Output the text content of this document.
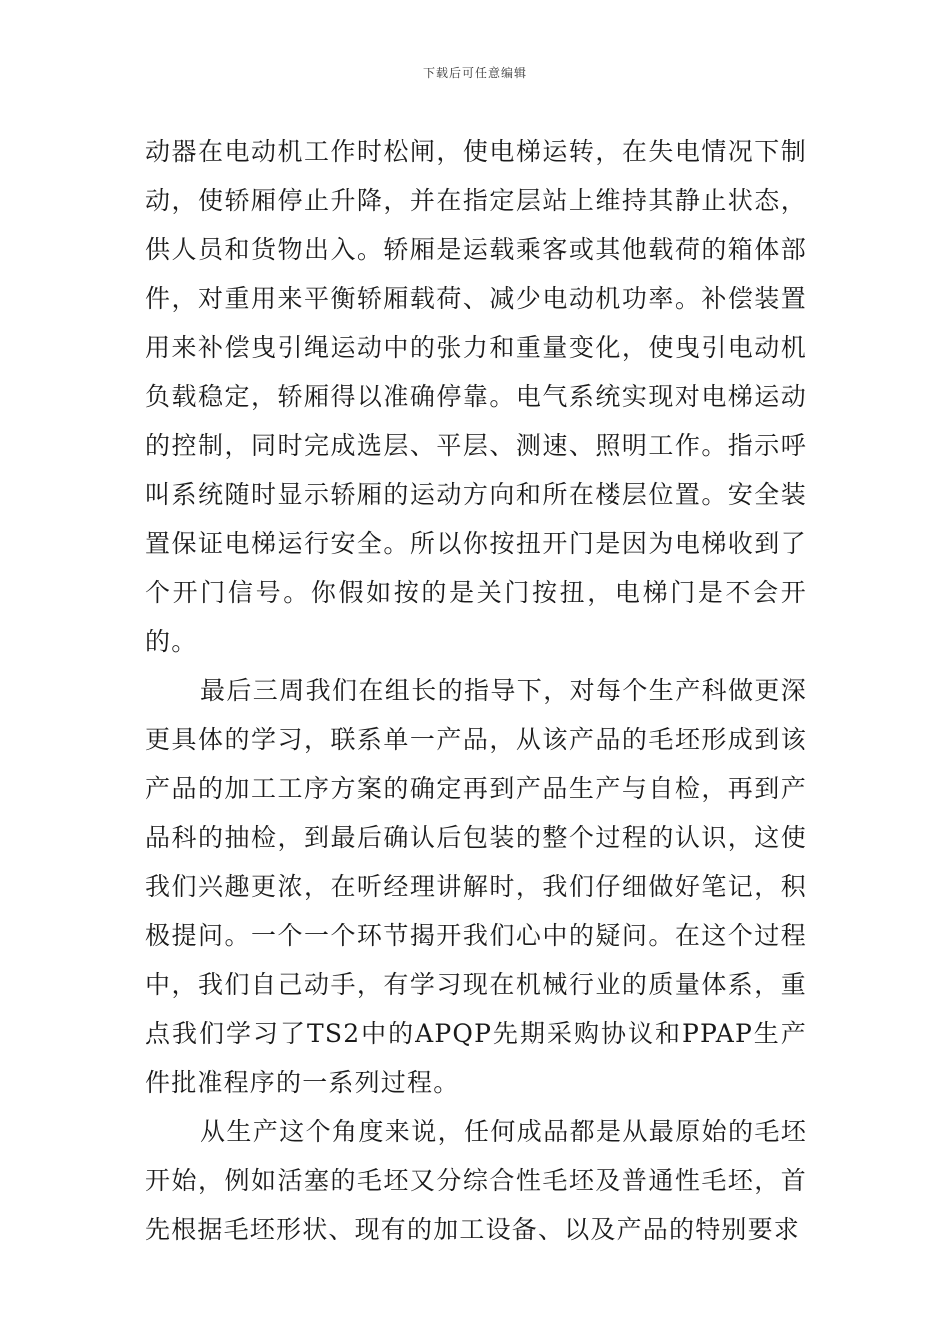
下载后可任意编辑

动器在电动机工作时松闸，使电梯运转，在失电情况下制动，使轿厢停止升降，并在指定层站上维持其静止状态，供人员和货物出入。轿厢是运载乘客或其他载荷的箱体部件，对重用来平衡轿厢载荷、减少电动机功率。补偿装置用来补偿曳引绳运动中的张力和重量变化，使曳引电动机负载稳定，轿厢得以准确停靠。电气系统实现对电梯运动的控制，同时完成选层、平层、测速、照明工作。指示呼叫系统随时显示轿厢的运动方向和所在楼层位置。安全装置保证电梯运行安全。所以你按扭开门是因为电梯收到了个开门信号。你假如按的是关门按扭，电梯门是不会开的。

最后三周我们在组长的指导下，对每个生产科做更深更具体的学习，联系单一产品，从该产品的毛坯形成到该产品的加工工序方案的确定再到产品生产与自检，再到产品科的抽检，到最后确认后包装的整个过程的认识，这使我们兴趣更浓，在听经理讲解时，我们仔细做好笔记，积极提问。一个一个环节揭开我们心中的疑问。在这个过程中，我们自己动手，有学习现在机械行业的质量体系，重点我们学习了TS2中的APQP先期采购协议和PPAP生产件批准程序的一系列过程。

从生产这个角度来说，任何成品都是从最原始的毛坯开始，例如活塞的毛坯又分综合性毛坯及普通性毛坯，首先根据毛坯形状、现有的加工设备、以及产品的特别要求
